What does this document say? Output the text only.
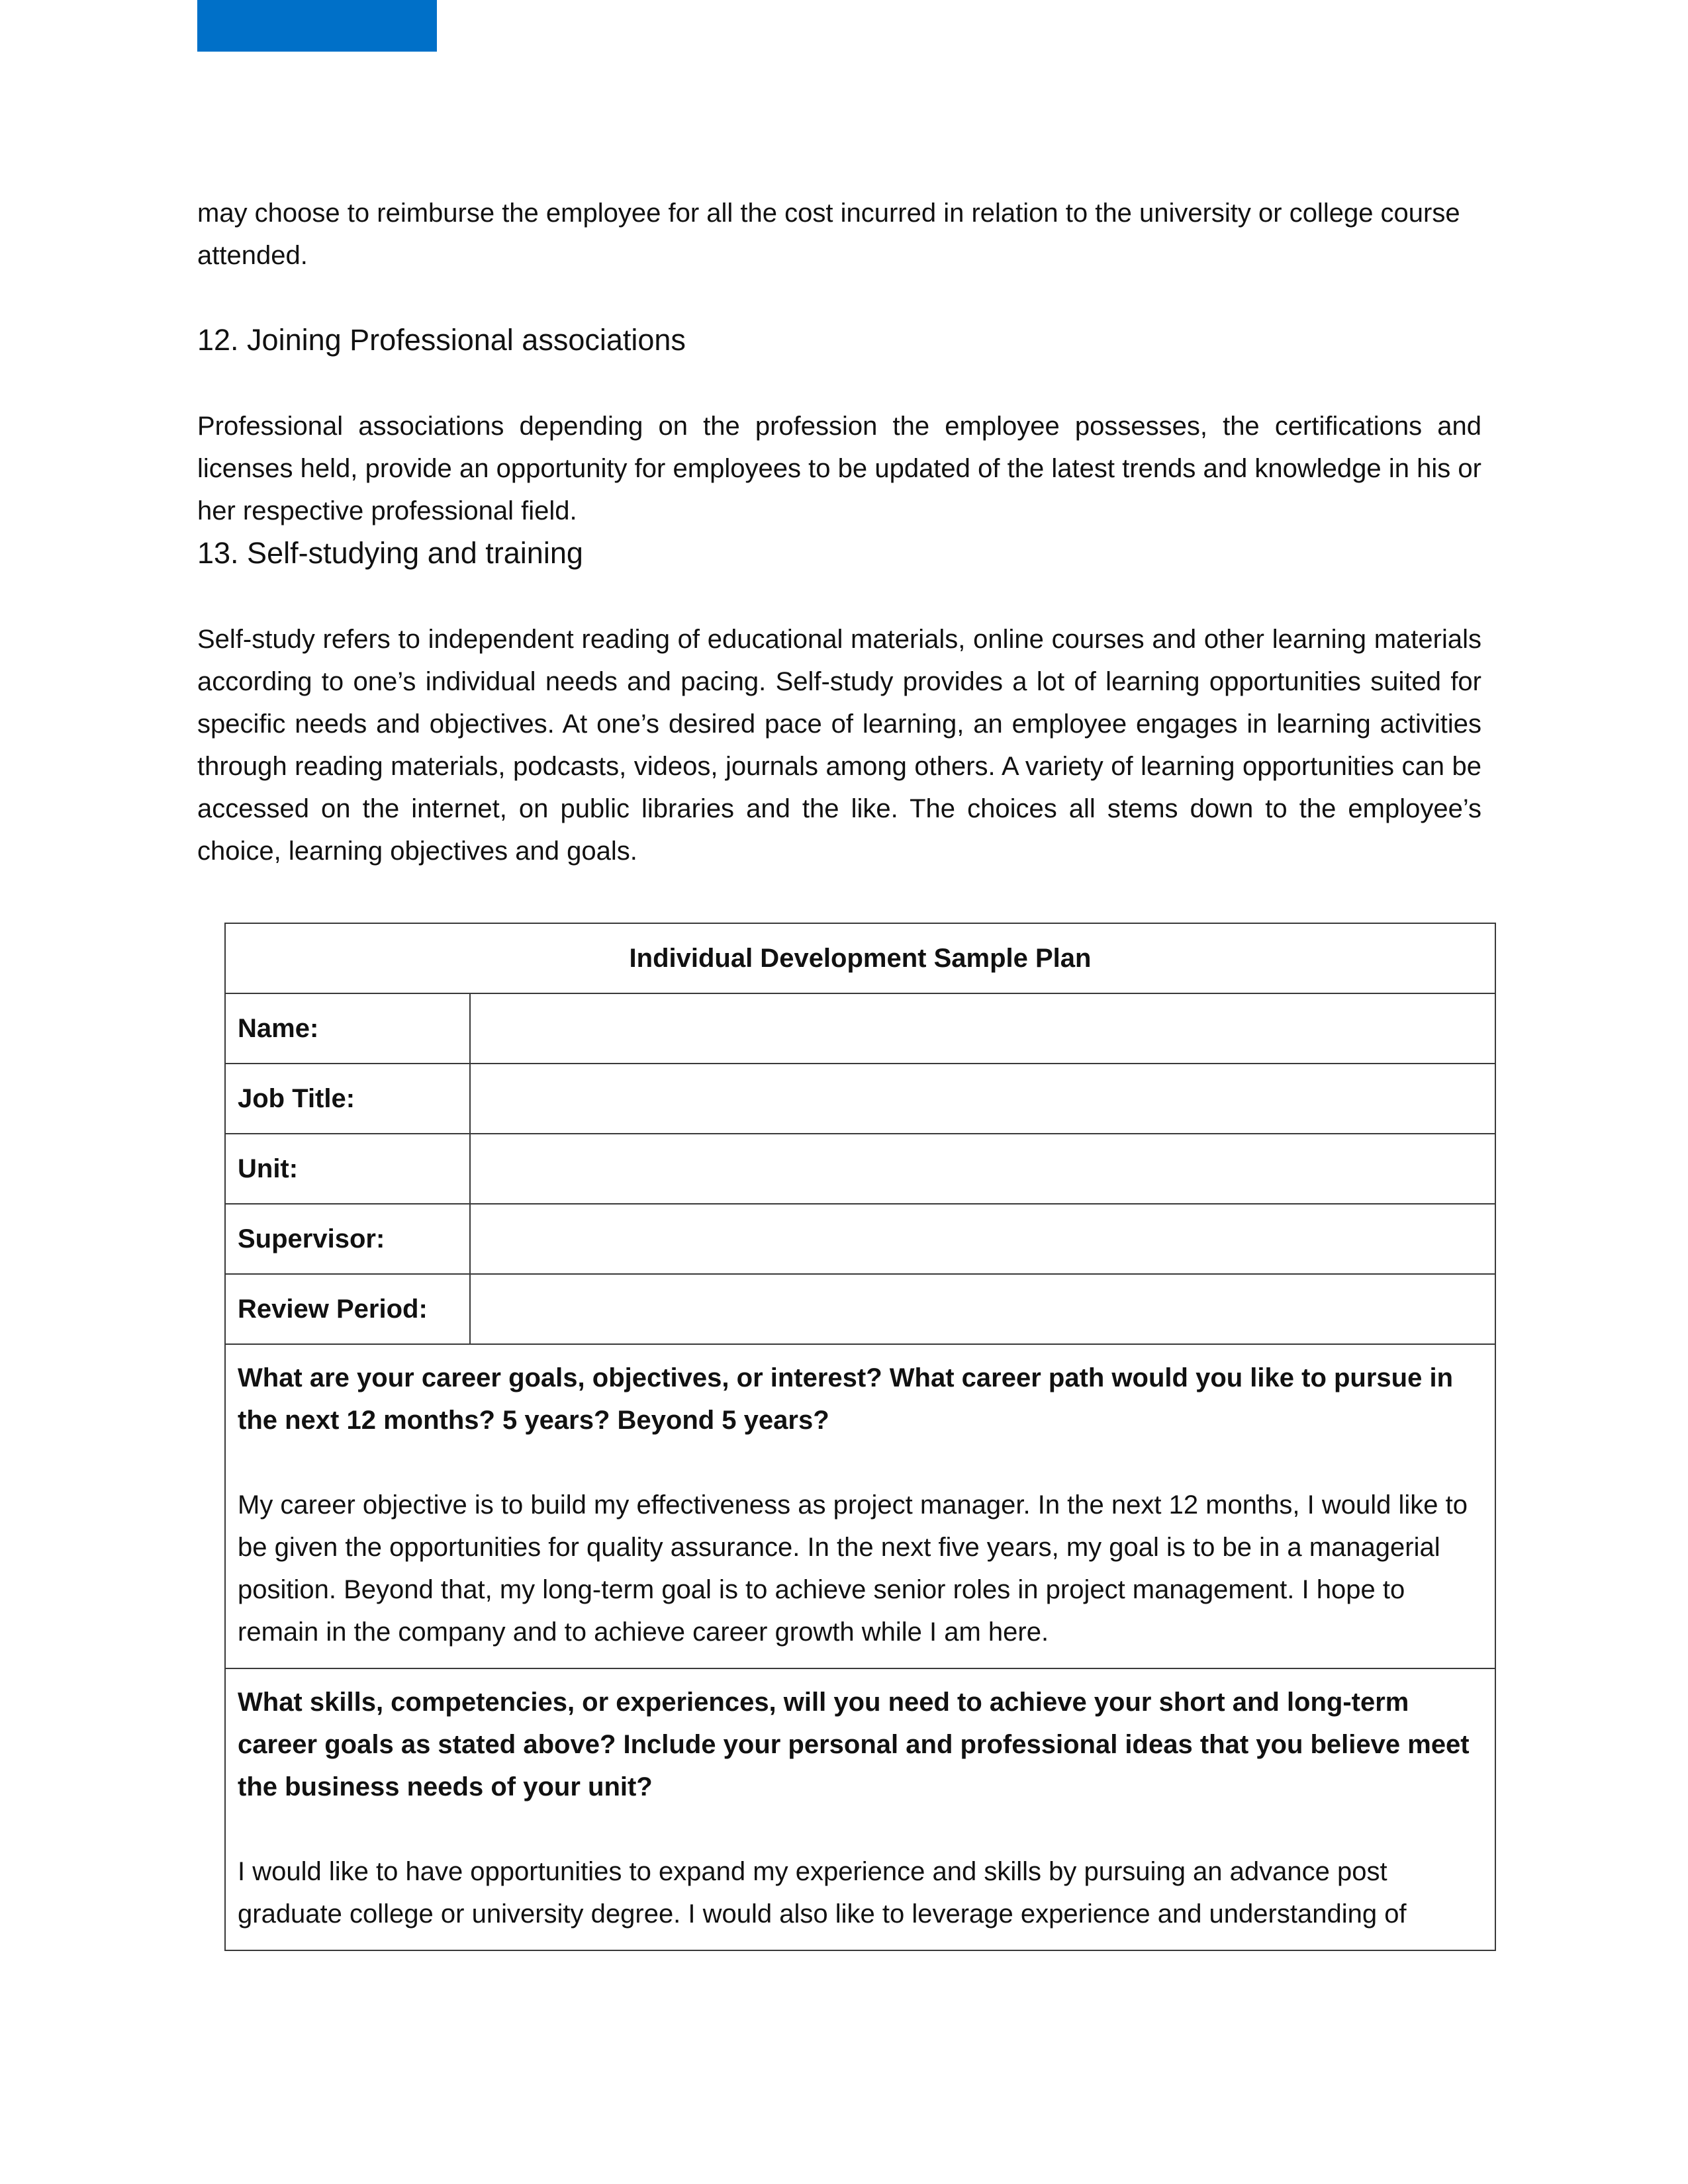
may choose to reimburse the employee for all the cost incurred in relation to the university or college course attended.

12. Joining Professional associations

Professional associations depending on the profession the employee possesses, the certifications and licenses held, provide an opportunity for employees to be updated of the latest trends and knowledge in his or her respective professional field.

13. Self-studying and training

Self-study refers to independent reading of educational materials, online courses and other learning materials according to one’s individual needs and pacing. Self-study provides a lot of learning opportunities suited for specific needs and objectives. At one’s desired pace of learning, an employee engages in learning activities through reading materials, podcasts, videos, journals among others. A variety of learning opportunities can be accessed on the internet, on public libraries and the like. The choices all stems down to the employee’s choice, learning objectives and goals.

Individual Development Sample Plan	
Name:	
Job Title:	
Unit:	
Supervisor:	
Review Period:	

What are your career goals, objectives, or interest? What career path would you like to pursue in the next 12 months? 5 years? Beyond 5 years?

My career objective is to build my effectiveness as project manager. In the next 12 months, I would like to be given the opportunities for quality assurance. In the next five years, my goal is to be in a managerial position. Beyond that, my long-term goal is to achieve senior roles in project management. I hope to remain in the company and to achieve career growth while I am here.	

What skills, competencies, or experiences, will you need to achieve your short and long-term career goals as stated above? Include your personal and professional ideas that you believe meet the business needs of your unit?

I would like to have opportunities to expand my experience and skills by pursuing an advance post graduate college or university degree. I would also like to leverage experience and understanding of	
